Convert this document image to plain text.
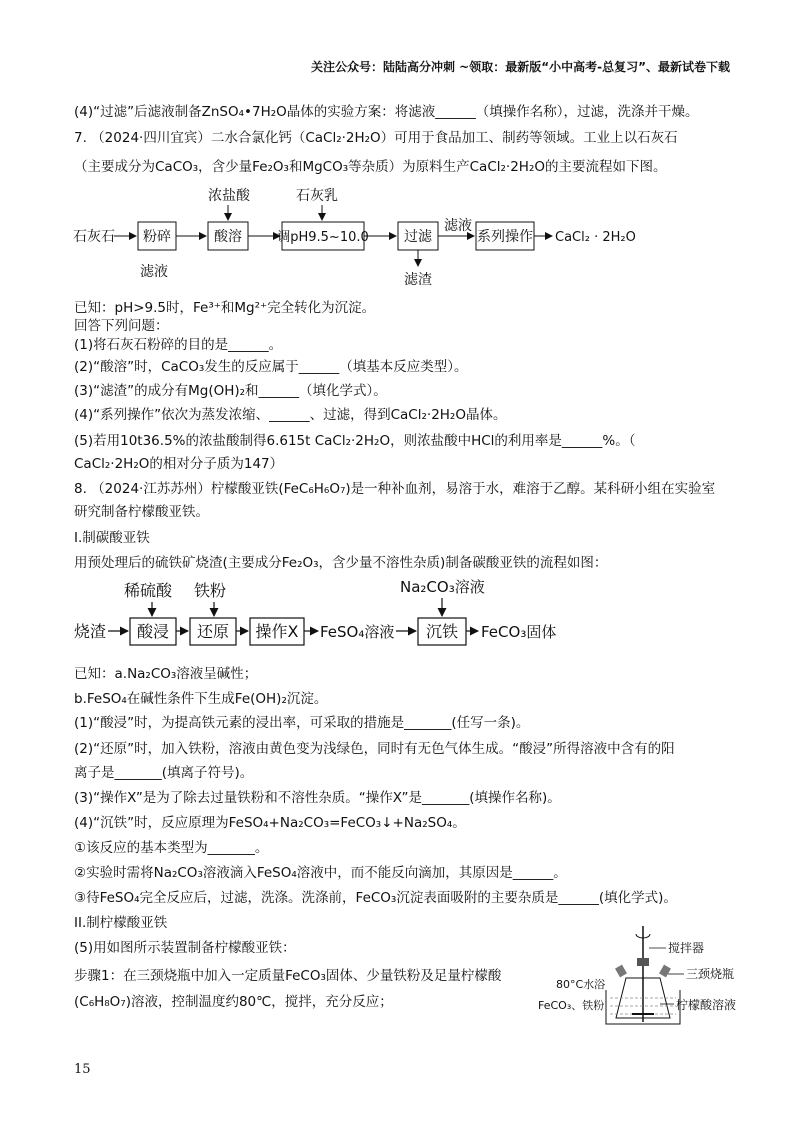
关注公众号：陆陆高分冲刺 ~领取：最新版“小中高考-总复习”、最新试卷下载
(4)“过滤”后滤液制备ZnSO₄•7H₂O晶体的实验方案：将滤液______（填操作名称），过滤，洗涤并干燥。
7. （2024·四川宜宾）二水合氯化钙（CaCl₂·2H₂O）可用于食品加工、制药等领域。工业上以石灰石
（主要成分为CaCO₃，含少量Fe₂O₃和MgCO₃等杂质）为原料生产CaCl₂·2H₂O的主要流程如下图。
石灰石 粉碎
滤液
浓盐酸
酸溶
石灰乳
调pH9.5~10.0	过滤
滤渣
滤液
系列操作 CaCl₂ · 2H₂O
已知：pH>9.5时，Fe³⁺和Mg²⁺完全转化为沉淀。
回答下列问题：
(1)将石灰石粉碎的目的是______。
(2)“酸溶”时，CaCO₃发生的反应属于______（填基本反应类型）。
(3)“滤渣”的成分有Mg(OH)₂和______（填化学式）。
(4)“系列操作”依次为蒸发浓缩、______、过滤，得到CaCl₂·2H₂O晶体。
(5)若用10t36.5%的浓盐酸制得6.615t CaCl₂·2H₂O，则浓盐酸中HCl的利用率是______%。（
CaCl₂·2H₂O的相对分子质为147）
8. （2024·江苏苏州）柠檬酸亚铁(FeC₆H₆O₇)是一种补血剂，易溶于水，难溶于乙醇。某科研小组在实验室
研究制备柠檬酸亚铁。
I.制碳酸亚铁
用预处理后的硫铁矿烧渣(主要成分Fe₂O₃，含少量不溶性杂质)制备碳酸亚铁的流程如图：
稀硫酸 铁粉	Na₂CO₃溶液
烧渣 酸浸 还原 操作X FeSO₄溶液 沉铁 FeCO₃固体
已知：a.Na₂CO₃溶液呈碱性；
b.FeSO₄在碱性条件下生成Fe(OH)₂沉淀。
(1)“酸浸”时，为提高铁元素的浸出率，可采取的措施是_______(任写一条)。
(2)“还原”时，加入铁粉，溶液由黄色变为浅绿色，同时有无色气体生成。“酸浸”所得溶液中含有的阳
离子是_______(填离子符号)。
(3)“操作X”是为了除去过量铁粉和不溶性杂质。“操作X”是_______(填操作名称)。
(4)“沉铁”时，反应原理为FeSO₄+Na₂CO₃=FeCO₃↓+Na₂SO₄。
①该反应的基本类型为_______。
②实验时需将Na₂CO₃溶液滴入FeSO₄溶液中，而不能反向滴加，其原因是______。
③待FeSO₄完全反应后，过滤，洗涤。洗涤前，FeCO₃沉淀表面吸附的主要杂质是______(填化学式)。
II.制柠檬酸亚铁
(5)用如图所示装置制备柠檬酸亚铁：
步骤1：在三颈烧瓶中加入一定质量FeCO₃固体、少量铁粉及足量柠檬酸
(C₆H₈O₇)溶液，控制温度约80℃，搅拌，充分反应；
搅拌器
三颈烧瓶
80°C水浴
FeCO₃、铁粉	柠檬酸溶液
15
